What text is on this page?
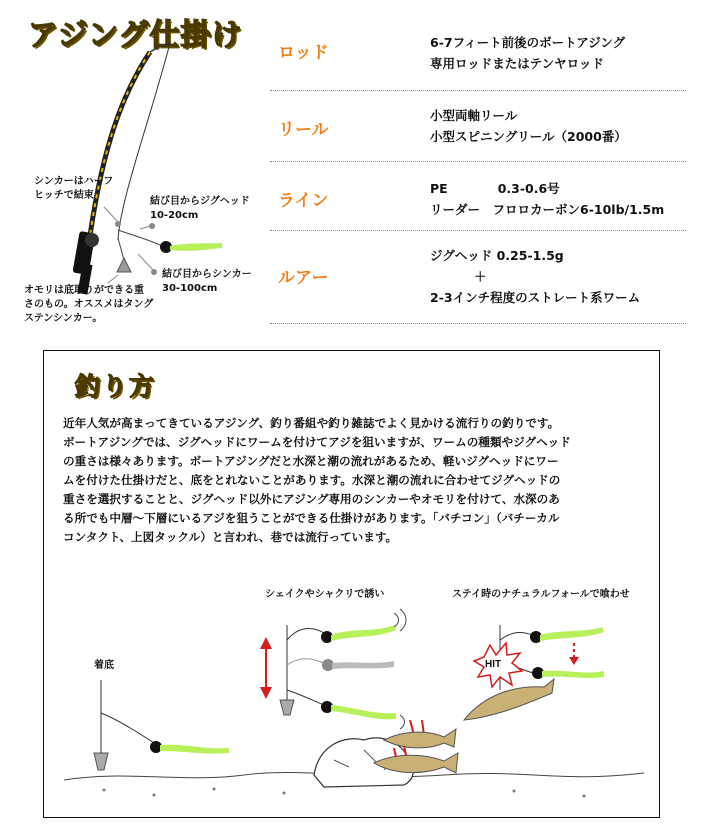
アジング仕掛け
シンカーはハーフ
ヒッチで結束
結び目からジグヘッド
10-20cm
結び目からシンカー
30-100cm
オモリは底取りができる重
さのもの。オススメはタング
ステンシンカー。
ロッド
6-7フィート前後のボートアジング
専用ロッドまたはテンヤロッド
リール
小型両軸リール
小型スピニングリール（2000番）
ライン
PE　　　　0.3-0.6号
リーダー　フロロカーボン6-10lb/1.5m
ルアー
ジグヘッド 0.25-1.5g
＋
2-3インチ程度のストレート系ワーム
釣り方
近年人気が高まってきているアジング、釣り番組や釣り雑誌でよく見かける流行りの釣りです。
ボートアジングでは、ジグヘッドにワームを付けてアジを狙いますが、ワームの種類やジグヘッド
の重さは様々あります。ボートアジングだと水深と潮の流れがあるため、軽いジグヘッドにワー
ムを付けた仕掛けだと、底をとれないことがあります。水深と潮の流れに合わせてジグヘッドの
重さを選択することと、ジグヘッド以外にアジング専用のシンカーやオモリを付けて、水深のあ
る所でも中層～下層にいるアジを狙うことができる仕掛けがあります。「バチコン」（バチーカル
コンタクト、上図タックル）と言われ、巷では流行っています。
着底
シェイクやシャクリで誘い	ステイ時のナチュラルフォールで喰わせ
HIT
